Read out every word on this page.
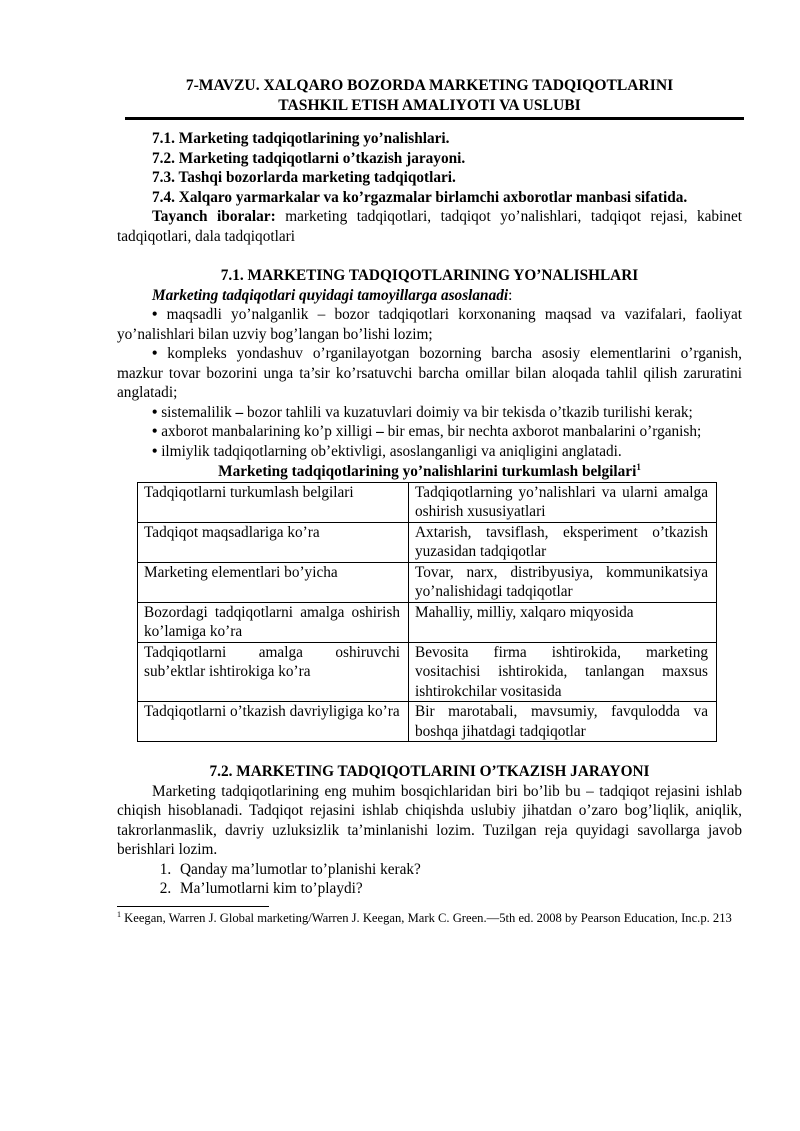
7-MAVZU. XALQARO BOZORDA MARKETING TADQIQOTLARINI
TASHKIL ETISH AMALIYOTI VA USLUBI

7.1. Marketing tadqiqotlarining yo’nalishlari.

7.2. Marketing tadqiqotlarni o’tkazish jarayoni.

7.3. Tashqi bozorlarda marketing tadqiqotlari.

7.4. Xalqaro yarmarkalar va ko’rgazmalar birlamchi axborotlar manbasi sifatida.

Tayanch iboralar: marketing tadqiqotlari, tadqiqot yo’nalishlari, tadqiqot rejasi, kabinet tadqiqotlari, dala tadqiqotlari

7.1. MARKETING TADQIQOTLARINING YO’NALISHLARI

Marketing tadqiqotlari quyidagi tamoyillarga asoslanadi:

• maqsadli yo’nalganlik – bozor tadqiqotlari korxonaning maqsad va vazifalari, faoliyat yo’nalishlari bilan uzviy bog’langan bo’lishi lozim;

• kompleks yondashuv o’rganilayotgan bozorning barcha asosiy elementlarini o’rganish, mazkur tovar bozorini unga ta’sir ko’rsatuvchi barcha omillar bilan aloqada tahlil qilish zaruratini anglatadi;

• sistemalilik – bozor tahlili va kuzatuvlari doimiy va bir tekisda o’tkazib turilishi kerak;

• axborot manbalarining ko’p xilligi – bir emas, bir nechta axborot manbalarini o’rganish;

• ilmiylik tadqiqotlarning ob’ektivligi, asoslanganligi va aniqligini anglatadi.

Marketing tadqiqotlarining yo’nalishlarini turkumlash belgilari$^1$

Tadqiqotlarni turkumlash belgilari	Tadqiqotlarning yo’nalishlari va ularni amalga oshirish xususiyatlari
Tadqiqot maqsadlariga ko’ra	Axtarish, tavsiflash, eksperiment o’tkazish yuzasidan tadqiqotlar
Marketing elementlari bo’yicha	Tovar, narx, distribyusiya, kommunikatsiya yo’nalishidagi tadqiqotlar
Bozordagi tadqiqotlarni amalga oshirish ko’lamiga ko’ra	Mahalliy, milliy, xalqaro miqyosida
Tadqiqotlarni amalga oshiruvchi sub’ektlar ishtirokiga ko’ra	Bevosita firma ishtirokida, marketing vositachisi ishtirokida, tanlangan maxsus ishtirokchilar vositasida
Tadqiqotlarni o’tkazish davriyligiga ko’ra	Bir marotabali, mavsumiy, favqulodda va boshqa jihatdagi tadqiqotlar

7.2. MARKETING TADQIQOTLARINI O’TKAZISH JARAYONI

Marketing tadqiqotlarining eng muhim bosqichlaridan biri bo’lib bu – tadqiqot rejasini ishlab chiqish hisoblanadi. Tadqiqot rejasini ishlab chiqishda uslubiy jihatdan o’zaro bog’liqlik, aniqlik, takrorlanmaslik, davriy uzluksizlik ta’minlanishi lozim. Tuzilgan reja quyidagi savollarga javob berishlari lozim.

1. Qanday ma’lumotlar to’planishi kerak?
2. Ma’lumotlarni kim to’playdi?

$^1$ Keegan, Warren J. Global marketing/Warren J. Keegan, Mark C. Green.—5th ed. 2008 by Pearson Education, Inc.p. 213
